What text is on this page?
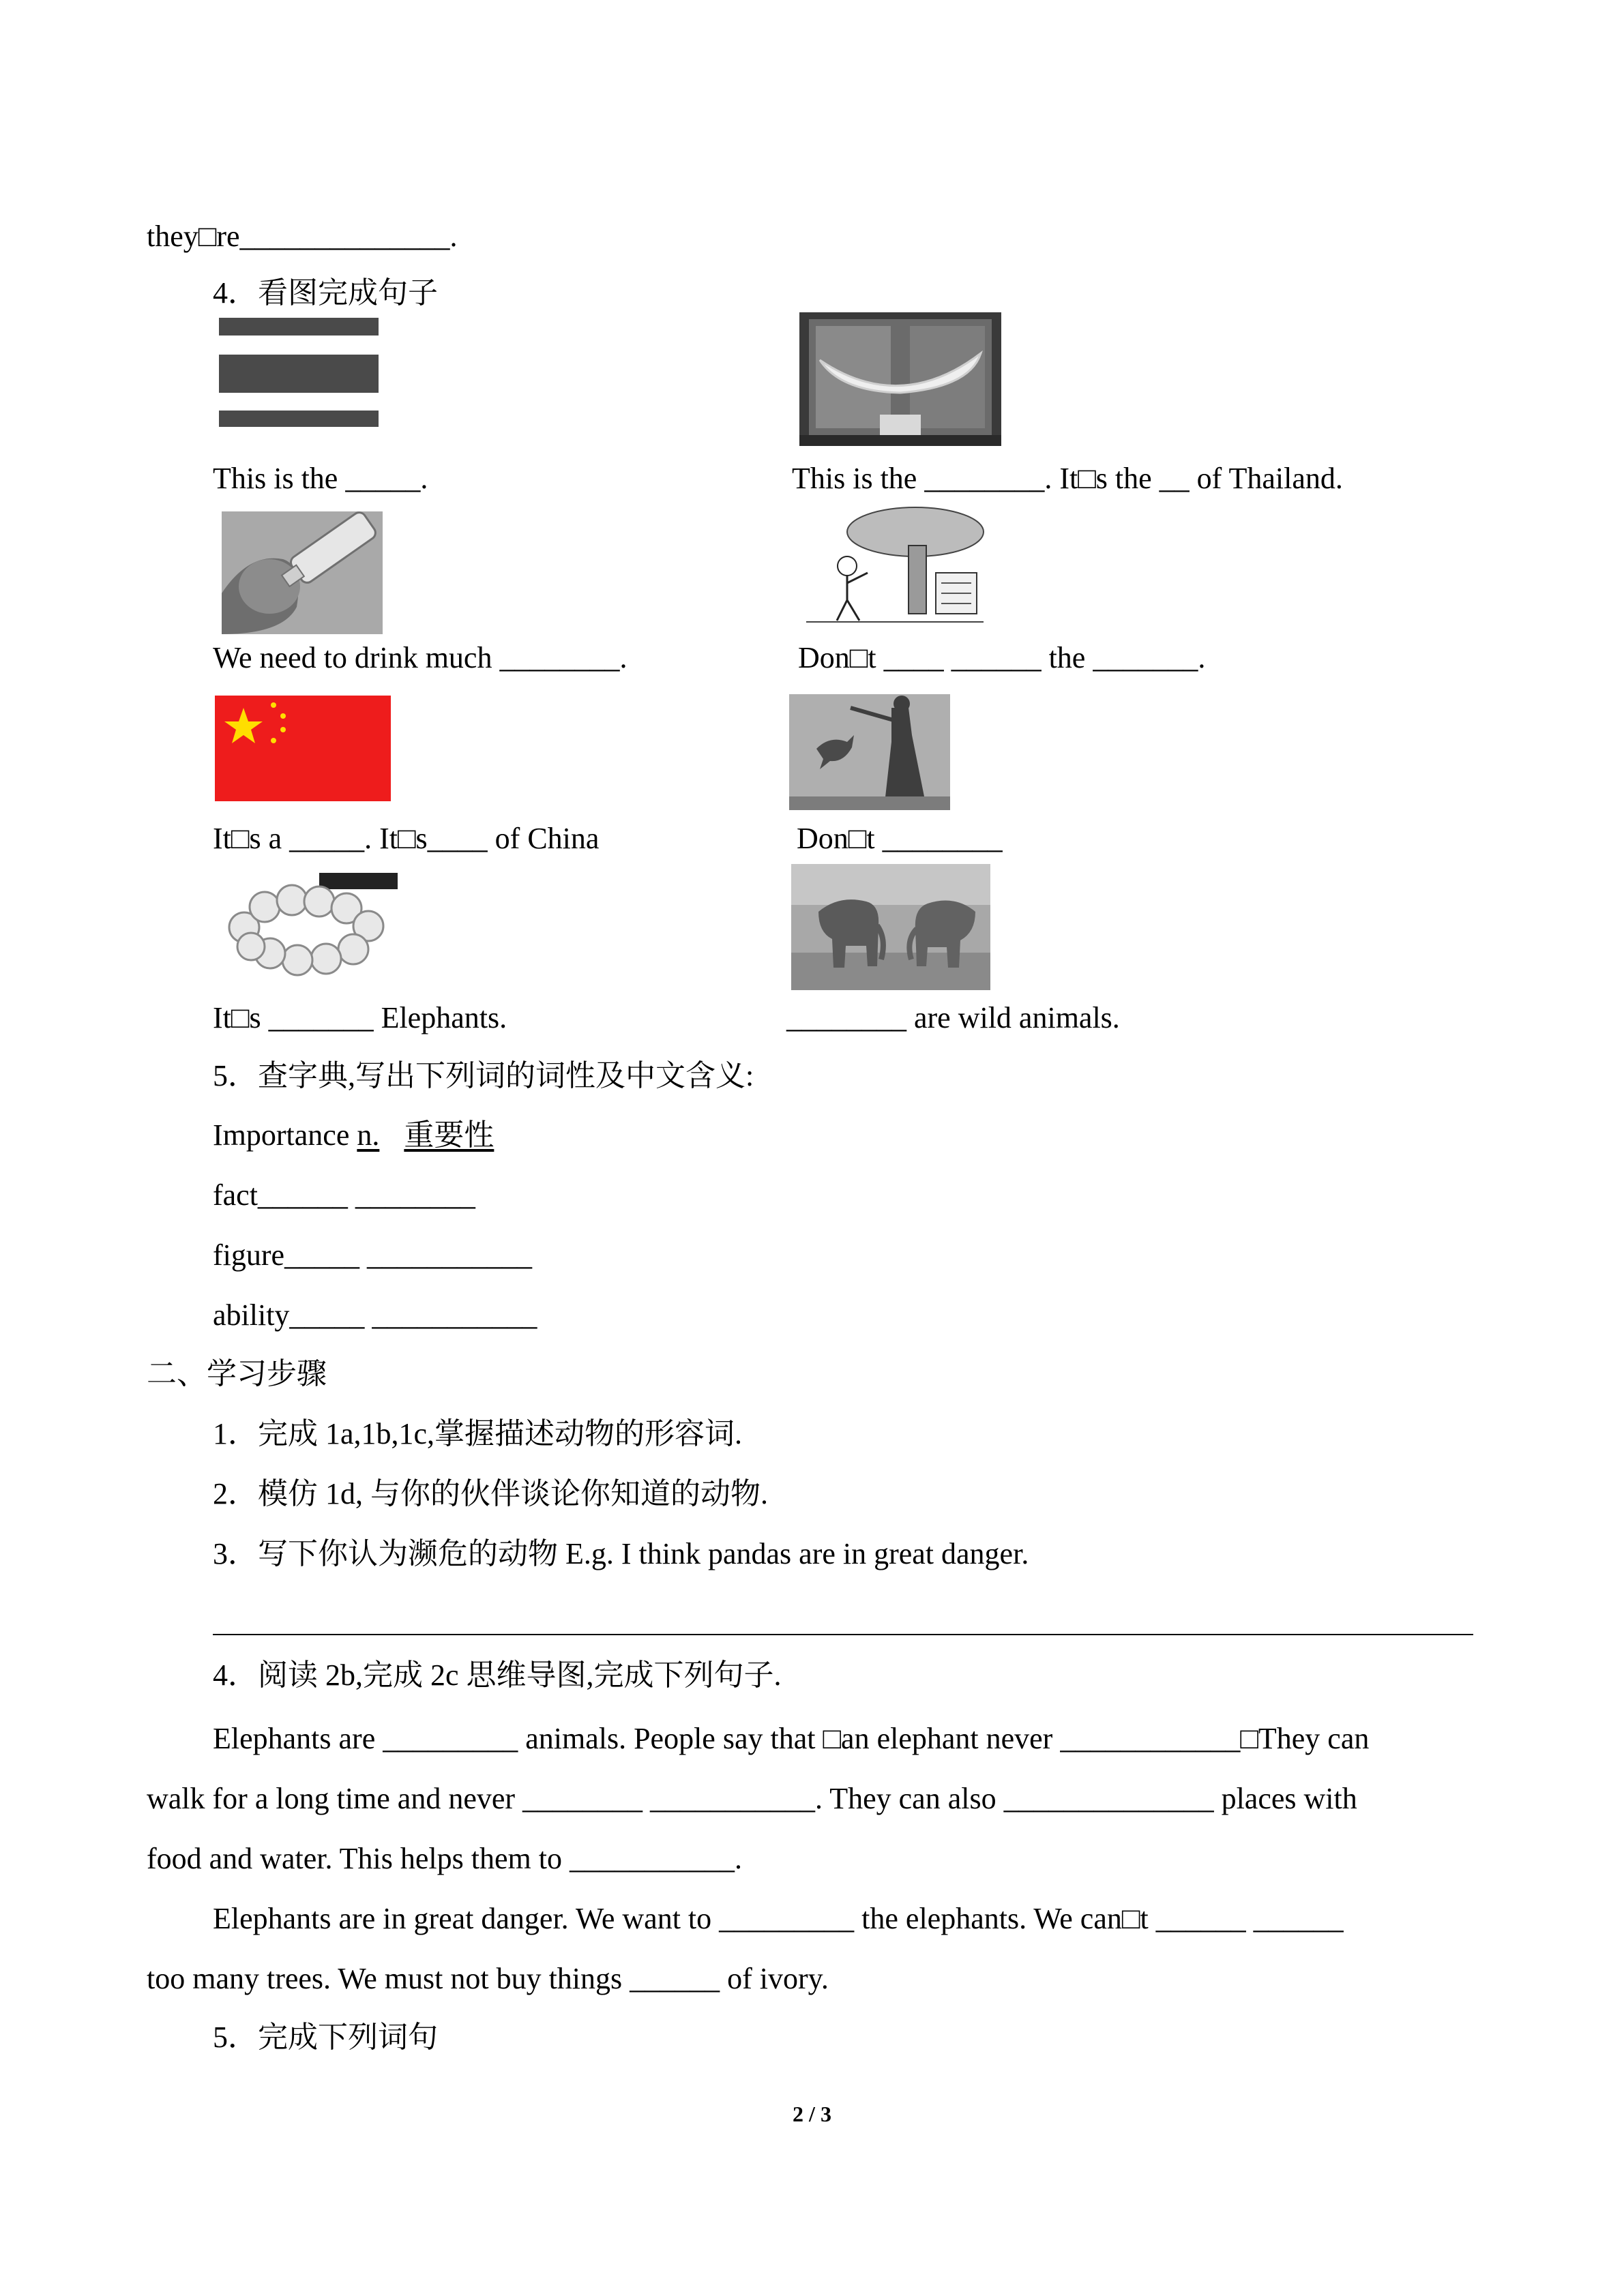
they□re______________.
4．看图完成句子
This is the _____.	This is the ________. It□s the __ of Thailand.
We need to drink much ________.	Don□t ____ ______ the _______.
It□s a _____. It□s____ of China	Don□t ________
It□s _______ Elephants.	________ are wild animals.
5．查字典,写出下列词的词性及中文含义:
Importance n. 重要性
fact______ ________
figure_____ ___________
ability_____ ___________
二、学习步骤
1．完成 1a,1b,1c,掌握描述动物的形容词.
2．模仿 1d, 与你的伙伴谈论你知道的动物.
3．写下你认为濒危的动物 E.g. I think pandas are in great danger.
4．阅读 2b,完成 2c 思维导图,完成下列句子.
Elephants are _________ animals. People say that □an elephant never ____________□They can
walk for a long time and never ________ ___________. They can also ______________ places with
food and water. This helps them to ___________.
Elephants are in great danger. We want to _________ the elephants. We can□t ______ ______
too many trees. We must not buy things ______ of ivory.
5．完成下列词句
2 / 3
